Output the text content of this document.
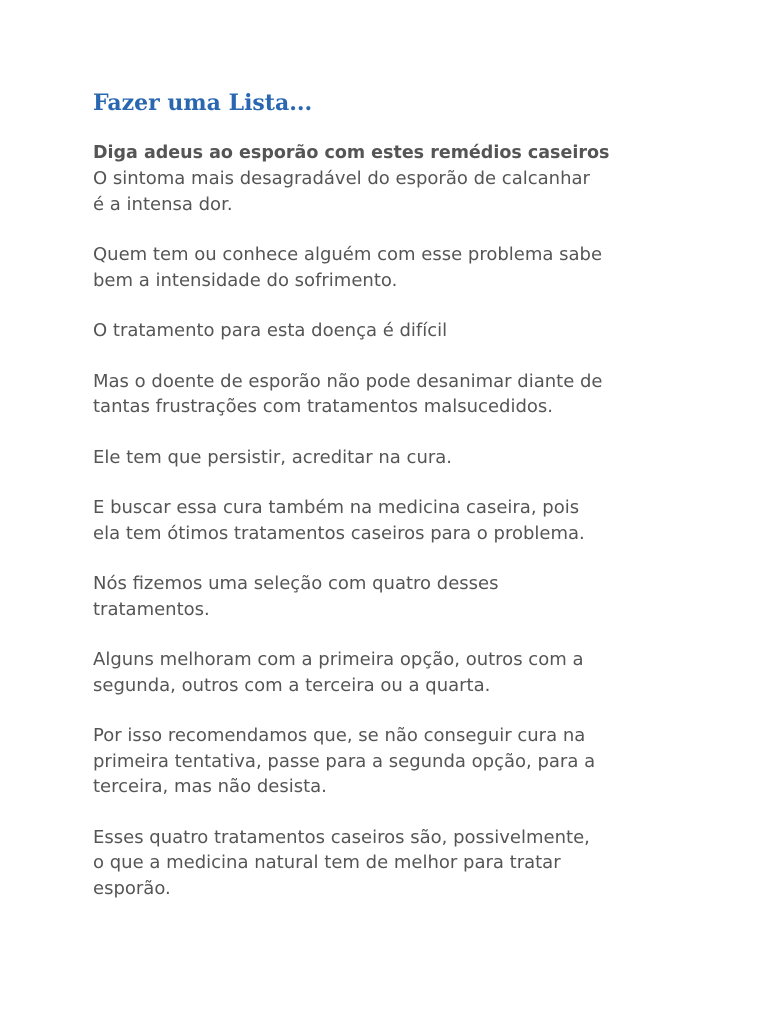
Fazer uma Lista...
Diga adeus ao esporão com estes remédios caseiros

O sintoma mais desagradável do esporão de calcanhar
é a intensa dor.

Quem tem ou conhece alguém com esse problema sabe
bem a intensidade do sofrimento.

O tratamento para esta doença é difícil

Mas o doente de esporão não pode desanimar diante de
tantas frustrações com tratamentos malsucedidos.

Ele tem que persistir, acreditar na cura.

E buscar essa cura também na medicina caseira, pois
ela tem ótimos tratamentos caseiros para o problema.

Nós fizemos uma seleção com quatro desses
tratamentos.

Alguns melhoram com a primeira opção, outros com a
segunda, outros com a terceira ou a quarta.

Por isso recomendamos que, se não conseguir cura na
primeira tentativa, passe para a segunda opção, para a
terceira, mas não desista.

Esses quatro tratamentos caseiros são, possivelmente,
o que a medicina natural tem de melhor para tratar
esporão.
